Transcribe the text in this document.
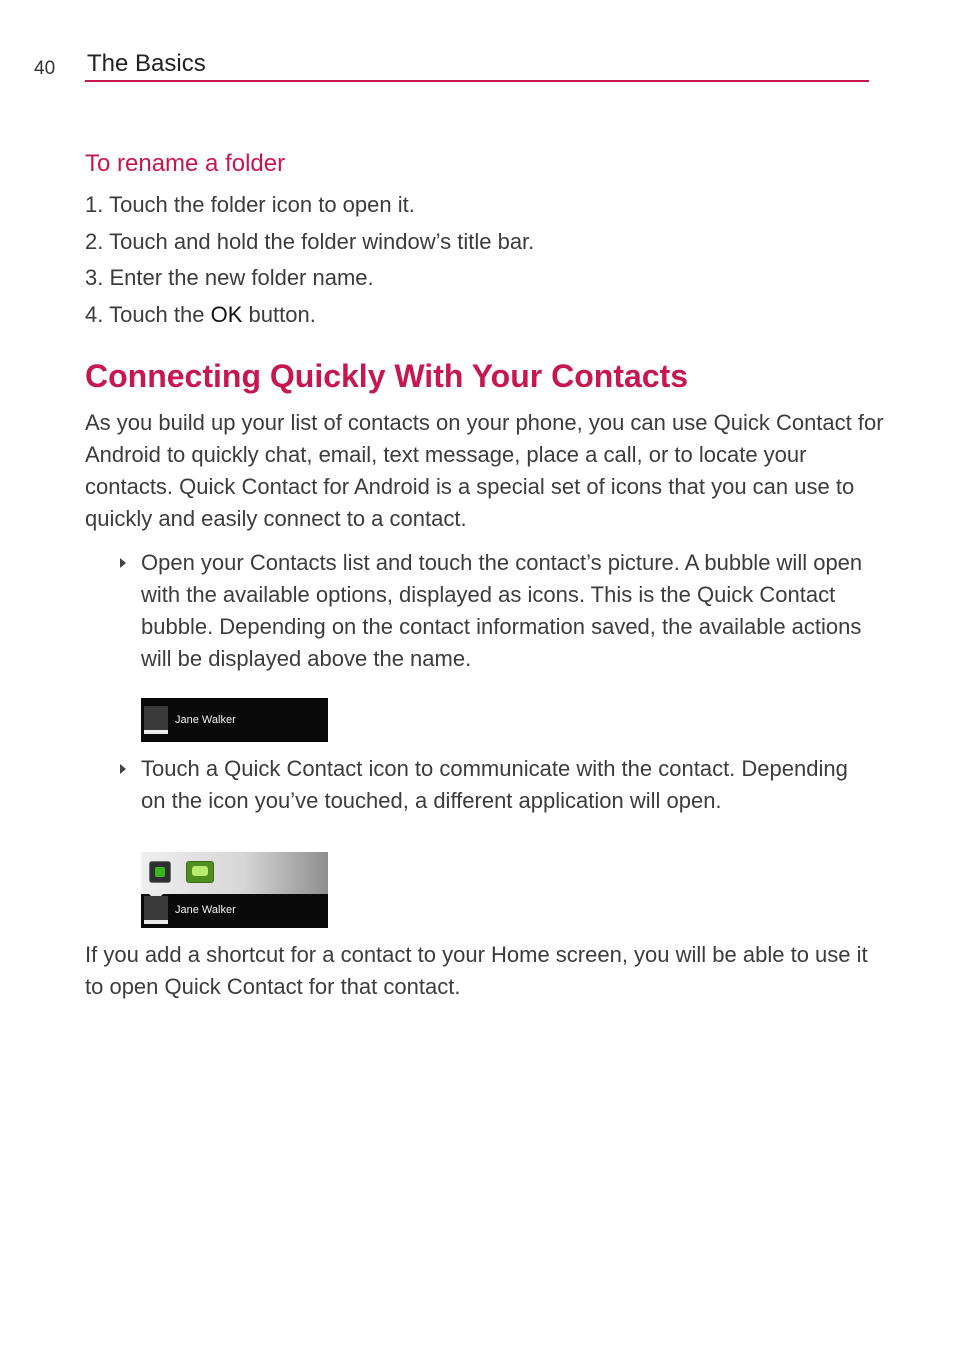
40 The Basics
To rename a folder
1. Touch the folder icon to open it.
2. Touch and hold the folder window’s title bar.
3. Enter the new folder name.
4. Touch the OK button.
Connecting Quickly With Your Contacts

As you build up your list of contacts on your phone, you can use Quick Contact for Android to quickly chat, email, text message, place a call, or to locate your contacts. Quick Contact for Android is a special set of icons that you can use to quickly and easily connect to a contact.

Open your Contacts list and touch the contact’s picture. A bubble will open with the available options, displayed as icons. This is the Quick Contact bubble. Depending on the contact information saved, the available actions will be displayed above the name.

Jane Walker

Touch a Quick Contact icon to communicate with the contact. Depending on the icon you’ve touched, a different application will open.

Jane Walker

If you add a shortcut for a contact to your Home screen, you will be able to use it to open Quick Contact for that contact.
